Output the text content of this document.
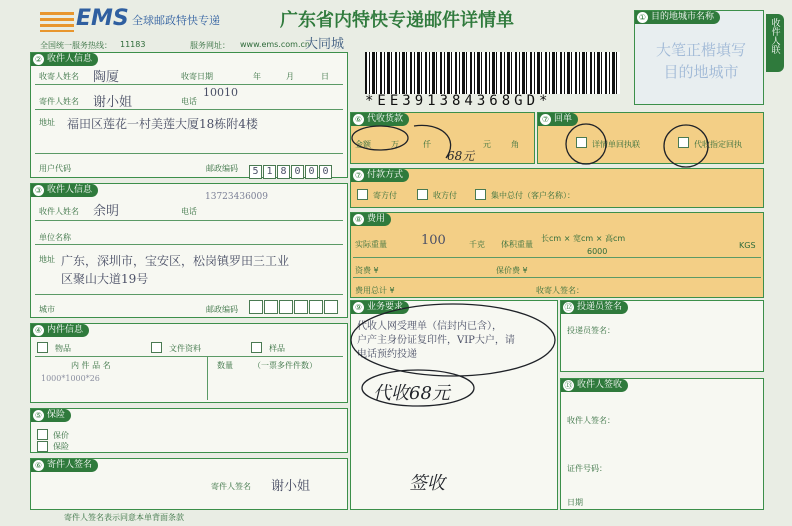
EMS 全球邮政特快专递	广东省内特快专递邮件详情单
全国统一服务热线： 11183	服务网址： www.ems.com.cn
大同城
① 目的地城市名称
大笔正楷填写目的地城市
收件人联
*EE391384368GD*
② 收件人信息
收寄人姓名 陶厦	收寄日期	年	月	日
寄件人姓名 谢小姐	电话
10010
地址 福田区莲花一村美莲大厦18栋附4楼
用户代码	邮政编码	5 1 8 0 0 0
③ 收件人信息
收件人姓名 余明	电话
13723436009
单位名称
地址 广东，深圳市，宝安区，松岗镇罗田三工业
区聚山大道19号
城市	邮政编码
④ 内件信息
物品	文件资料	样品
内 件 品 名	数量	（一票多件件数）
1000*1000*26
⑤ 保险
保价
保险
⑥ 寄件人签名
寄件人签名 谢小姐
寄件人签名表示同意本单背面条款
⑥ 代收货款
金额	万	仟	元	角
68元
⑦ 回单
详情单回执联	代收指定回执
⑦ 付款方式
寄方付	收方付	集中总付（客户名称）：
⑧ 费用
实际重量	100	千克 体积重量
长cm × 宽cm × 高cm
6000
KGS
资费 ¥	保价费 ¥
费用总计 ¥	收寄人签名：
⑨ 业务要求
代收人网受理单（信封内已含），
户产主身份证复印件，VIP大户，请
电话预约投递
代收68元
签收
⑫ 投递员签名
投递员签名：
⑬ 收件人签收
收件人签名：
证件号码：
日期
